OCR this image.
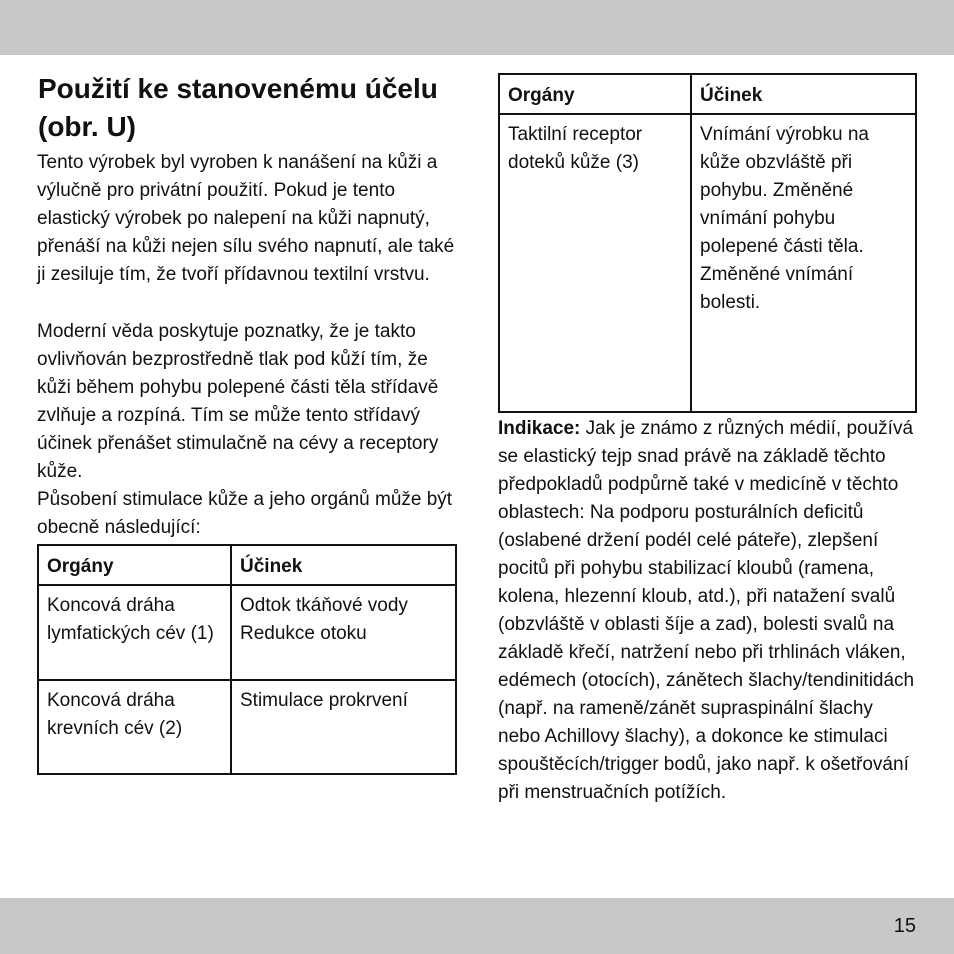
Použití ke stanovenému účelu (obr. U)

Tento výrobek byl vyroben k nanášení na kůži a výlučně pro privátní použití. Pokud je tento elastický výrobek po nalepení na kůži napnutý, přenáší na kůži nejen sílu svého napnutí, ale také ji zesiluje tím, že tvoří přídavnou textilní vrstvu.

Moderní věda poskytuje poznatky, že je takto ovlivňován bezprostředně tlak pod kůží tím, že kůži během pohybu polepené části těla střídavě zvlňuje a rozpíná. Tím se může tento střídavý účinek přenášet stimulačně na cévy a receptory kůže.

Působení stimulace kůže a jeho orgánů může být obecně následující:

Orgány	Účinek
Koncová dráha lymfatických cév (1)	Odtok tkáňové vody Redukce otoku
Koncová dráha krevních cév (2)	Stimulace prokrvení
Orgány	Účinek
Taktilní receptor doteků kůže (3)	Vnímání výrobku na kůže obzvláště při pohybu. Změněné vnímání pohybu polepené části těla. Změněné vnímání bolesti.

Indikace: Jak je známo z různých médií, používá se elastický tejp snad právě na základě těchto předpokladů podpůrně také v medicíně v těchto oblastech: Na podporu posturálních deficitů (oslabené držení podél celé páteře), zlepšení pocitů při pohybu stabilizací kloubů (ramena, kolena, hlezenní kloub, atd.), při natažení svalů (obzvláště v oblasti šíje a zad), bolesti svalů na základě křečí, natržení nebo při trhlinách vláken, edémech (otocích), zánětech šlachy/tendinitidách (např. na rameně/zánět supraspinální šlachy nebo Achillovy šlachy), a dokonce ke stimulaci spouštěcích/trigger bodů, jako např. k ošetřování při menstruačních potížích.

15
